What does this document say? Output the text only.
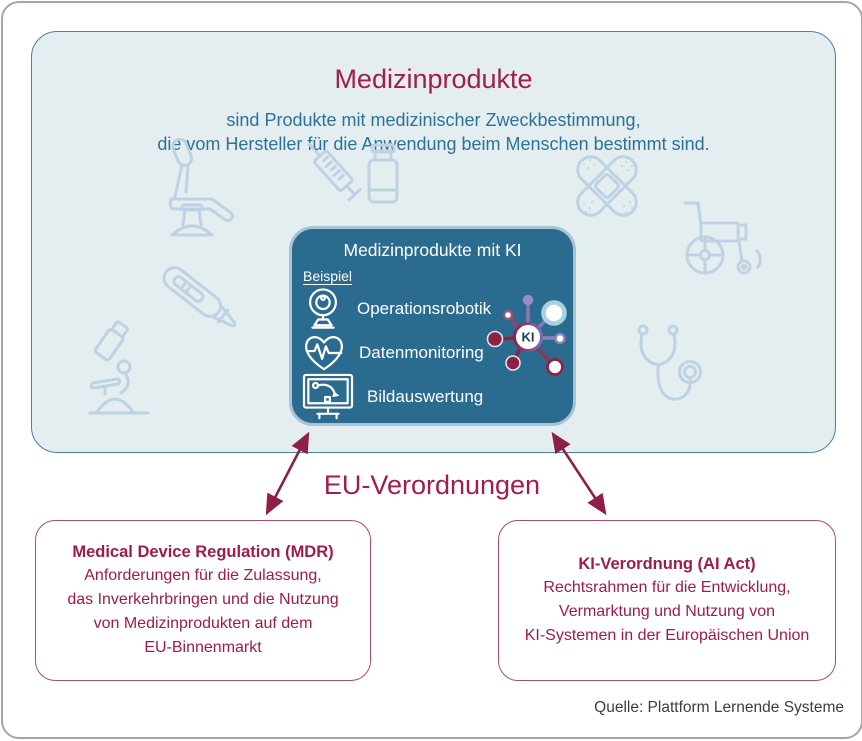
Medizinprodukte
sind Produkte mit medizinischer Zweckbestimmung,
die vom Hersteller für die Anwendung beim Menschen bestimmt sind.
Medizinprodukte mit KI
Beispiel
Operationsrobotik
Datenmonitoring
Bildauswertung
KI
EU-Verordnungen
Medical Device Regulation (MDR)
Anforderungen für die Zulassung,
das Inverkehrbringen und die Nutzung
von Medizinprodukten auf dem
EU-Binnenmarkt
KI-Verordnung (AI Act)
Rechtsrahmen für die Entwicklung,
Vermarktung und Nutzung von
KI-Systemen in der Europäischen Union
Quelle: Plattform Lernende Systeme
